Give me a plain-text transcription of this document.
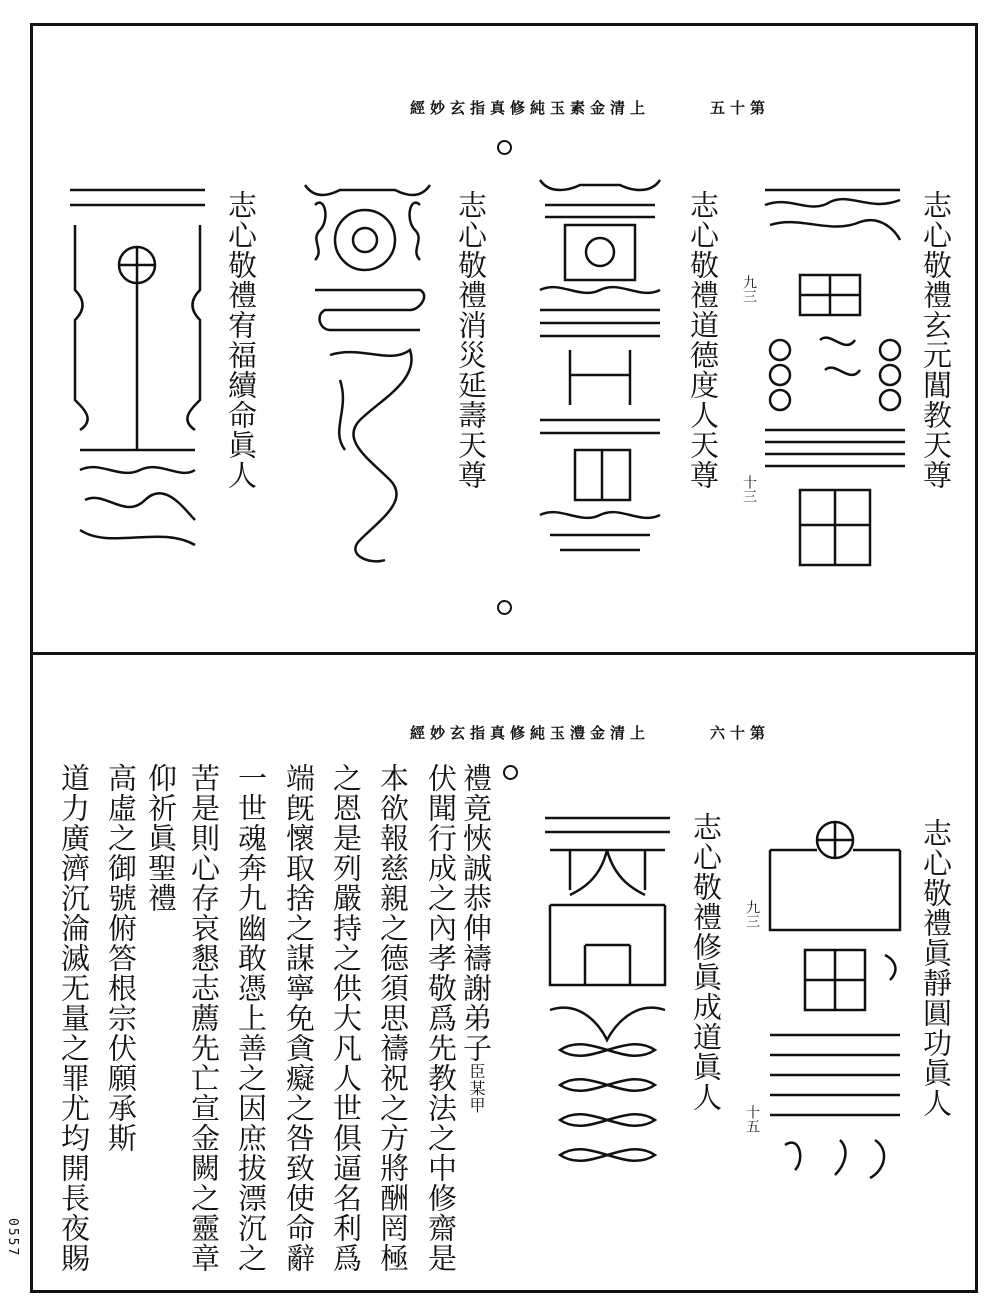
第十五　　　上清金素玉純修真指玄妙經
志心敬禮玄元閶教天尊
志心敬禮道德度人天尊
志心敬禮消災延壽天尊
志心敬禮宥福續命眞人	九三
十三
第十六　　　上清金澧玉純修真指玄妙經
志心敬禮眞靜圓功眞人
志心敬禮修眞成道眞人	九三
十五
禮竟悏誠恭伸禱謝弟子臣某甲
伏聞行成之內孝敬爲先教法之中修齋是
本欲報慈親之德須思禱祝之方將酬罔極
之恩是列嚴持之供大凡人世俱逼名利爲
端旣懷取捨之謀寧免貪癡之咎致使命辭
一世魂奔九幽敢憑上善之因庶拔漂沉之
苦是則心存哀懇志薦先亡宣金闕之靈章
仰祈眞聖禮
高虛之御號俯答根宗伏願承斯
道力廣濟沉淪滅无量之罪尤均開長夜賜
0557
